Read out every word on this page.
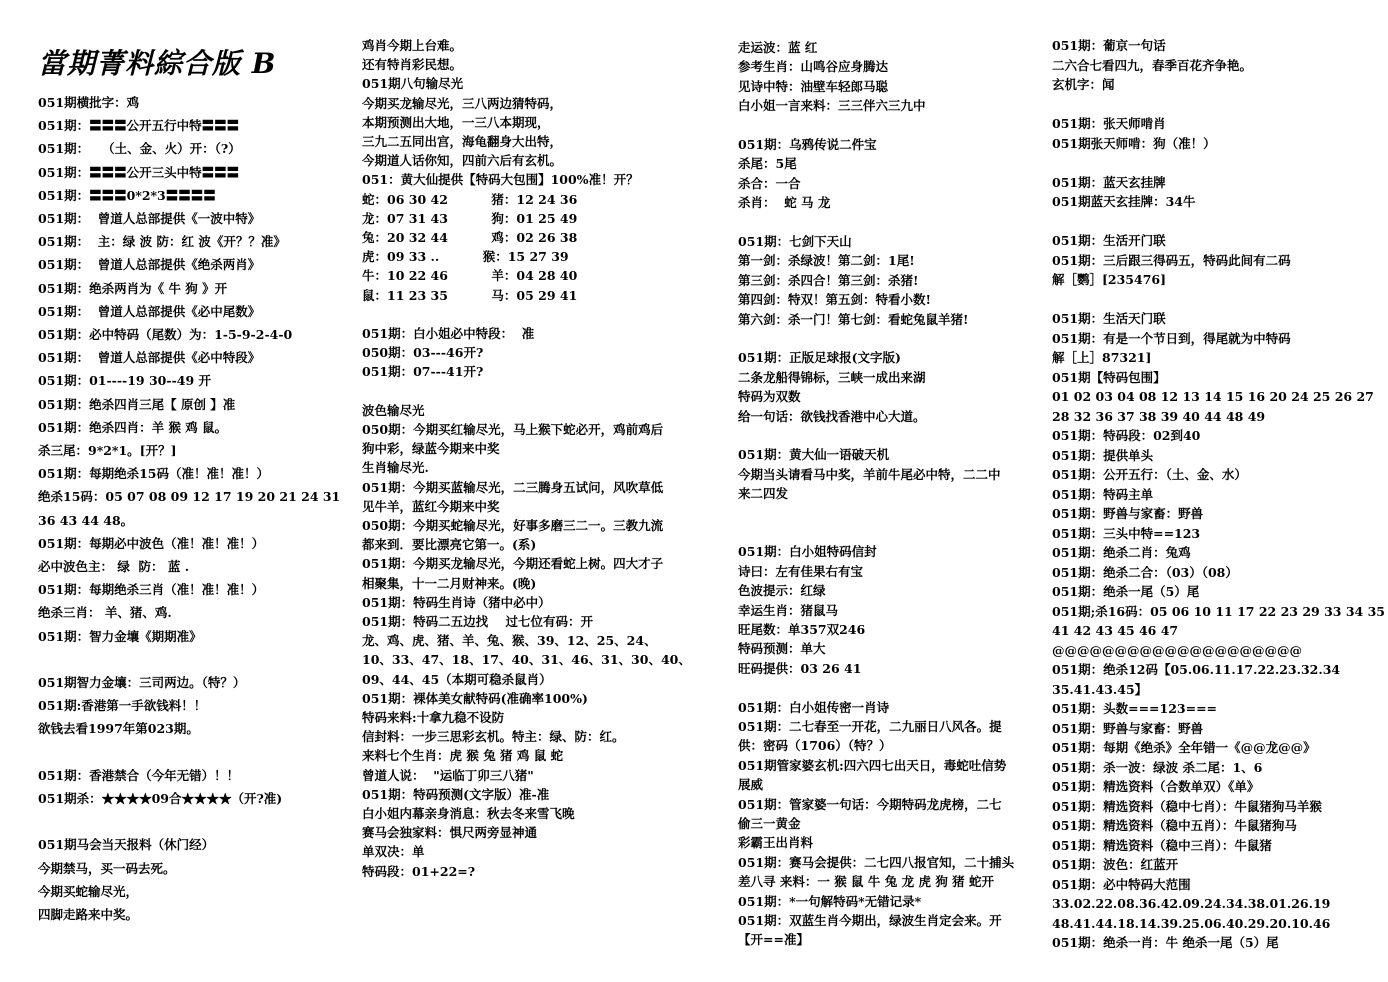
當期菁料綜合版 B
051期横批字：鸡
051期：〓〓〓公开五行中特〓〓〓
051期：   （土、金、火）开：（?）
051期：〓〓〓公开三头中特〓〓〓
051期：〓〓〓0*2*3〓〓〓〓
051期：  曾道人总部提供《一波中特》
051期：  主：绿 波 防：红 波《开？？准》
051期：  曾道人总部提供《绝杀两肖》
051期：绝杀两肖为《 牛 狗 》开
051期：  曾道人总部提供《必中尾数》
051期：必中特码（尾数）为：1-5-9-2-4-0
051期：  曾道人总部提供《必中特段》
051期：01----19 30--49 开
051期：绝杀四肖三尾【 原创 】准
051期：绝杀四肖：羊 猴 鸡 鼠。
杀三尾：9*2*1。[开？]
051期：每期绝杀15码（准！准！准！）
绝杀15码：05 07 08 09 12 17 19 20 21 24 31
36 43 44 48。
051期：每期必中波色（准！准！准！）
必中波色主： 绿  防： 蓝 .
051期：每期绝杀三肖（准！准！准！）
绝杀三肖： 羊、猪、鸡.
051期：智力金壤《期期准》
051期智力金壤：三司两边。（特？）
051期:香港第一手欲钱料！！
欲钱去看1997年第023期。
051期：香港禁合（今年无错）！！
051期杀：★★★★09合★★★★（开?准)
051期马会当天报料（休门经）
今期禁马，买一码去死。
今期买蛇输尽光，
四脚走路来中奖。
鸡肖今期上台难。
还有特肖彩民想。
051期八句输尽光
今期买龙输尽光，三八两边猜特码，
本期预测出大地，一三八本期现，
三九二五同出宫，海龟翻身大出特，
今期道人话你知，四前六后有玄机。
051：黄大仙提供【特码大包围】100%准！开？
蛇：06 30 42          猪：12 24 36
龙：07 31 43          狗：01 25 49
兔：20 32 44          鸡：02 26 38
虎：09 33 ..          猴：15 27 39
牛：10 22 46          羊：04 28 40
鼠：11 23 35          马：05 29 41
051期：白小姐必中特段：  准
050期：03---46开?
051期：07---41开?
波色输尽光
050期：今期买红输尽光，马上猴下蛇必开，鸡前鸡后
狗中彩，绿蓝今期来中奖
生肖输尽光.
051期：今期买蓝输尽光，二三腾身五试问，风吹草低
见牛羊，蓝红今期来中奖
050期：今期买蛇输尽光，好事多磨三二一。三教九流
都来到．要比漂亮它第一。(系)
051期：今期买龙输尽光，今期还看蛇上树。四大才子
相聚集，十一二月财神来。(晚)
051期：特码生肖诗（猪中必中）
051期：特码二五边找    过七位有码：开
龙、鸡、虎、猪、羊、兔、猴、39、12、25、24、
10、33、47、18、17、40、31、46、31、30、40、
09、44、45（本期可稳杀鼠肖）
051期：裸体美女献特码(准确率100%)
特码来料:十拿九稳不设防
信封料：一步三思彩玄机。特主：绿、防：红。
来料七个生肖：虎 猴 兔 猪 鸡 鼠 蛇
曾道人说：  "运临丁卯三八猪"
051期：特码预测(文字版）准-准
白小姐内幕亲身消息：秋去冬来雪飞晚
赛马会独家料：惧尺两旁显神通
单双决：单
特码段：01+22=?
走运波：蓝 红
参考生肖：山鸣谷应身腾达
见诗中特：油壁车轻郎马聪
白小姐一言来料：三三伴六三九中
051期：乌鸦传说二件宝
杀尾：5尾
杀合：一合
杀肖：  蛇 马 龙
051期：七剑下天山
第一剑：杀绿波！第二剑：1尾!
第三剑：杀四合！第三剑：杀猪!
第四剑：特双！第五剑：特看小数!
第六剑：杀一门！第七剑：看蛇兔鼠羊猪!
051期：正版足球报(文字版)
二条龙船得锦标，三峡一成出来湖
特码为双数
给一句话：欲钱找香港中心大道。
051期：黄大仙一语破天机
今期当头请看马中奖，羊前牛尾必中特，二二中
来二四发
051期：白小姐特码信封
诗曰：左有佳果右有宝
色波提示：红绿
幸运生肖：猪鼠马
旺尾数：单357双246
特码预测：单大
旺码提供：03 26 41
051期：白小姐传密一肖诗
051期：二七春至一开花，二九丽日八风各。提
供：密码（1706）（特？）
051期管家婆玄机:四六四七出天日，毒蛇吐信势
展威
051期：管家婆一句话：今期特码龙虎榜，二七
偷三一黄金
彩霸王出肖料
051期：赛马会提供：二七四八报官知，二十捕头
差八寻 来料：一 猴 鼠 牛 兔 龙 虎 狗 猪 蛇开
051期：*一句解特码*无错记录*
051期：双蓝生肖今期出，绿波生肖定会来。开
【开==准】
051期：葡京一句话
二六合七看四九，春季百花齐争艳。
玄机字：闻
051期：张天师啃肖
051期张天师啃：狗（准！）
051期：蓝天玄挂牌
051期蓝天玄挂牌：34牛
051期：生活开门联
051期：三后跟三得码五，特码此间有二码
解［鹦］[235476]
051期：生活天门联
051期：有是一个节日到，得尾就为中特码
解［上］87321]
051期【特码包围】
01 02 03 04 08 12 13 14 15 16 20 24 25 26 27
28 32 36 37 38 39 40 44 48 49
051期：特码段：02到40
051期：提供单头
051期：公开五行：（土、金、水）
051期：特码主单
051期：野兽与家畜：野兽
051期：三头中特==123
051期：绝杀二肖：兔鸡
051期：绝杀二合：（03）（08）
051期：绝杀一尾（5）尾
051期;杀16码：05 06 10 11 17 22 23 29 33 34 35
41 42 43 45 46 47
@@@@@@@@@@@@@@@@@@@@
051期：绝杀12码【05.06.11.17.22.23.32.34
35.41.43.45】
051期：头数===123===
051期：野兽与家畜：野兽
051期：每期《绝杀》全年错一《@@龙@@》
051期：杀一波：绿波 杀二尾：1、6
051期：精选资料（合数单双）《单》
051期：精选资料（稳中七肖）：牛鼠猪狗马羊猴
051期：精选资料（稳中五肖）：牛鼠猪狗马
051期：精选资料（稳中三肖）：牛鼠猪
051期：波色：红蓝开
051期：必中特码大范围
33.02.22.08.36.42.09.24.34.38.01.26.19
48.41.44.18.14.39.25.06.40.29.20.10.46
051期：绝杀一肖：牛 绝杀一尾（5）尾
